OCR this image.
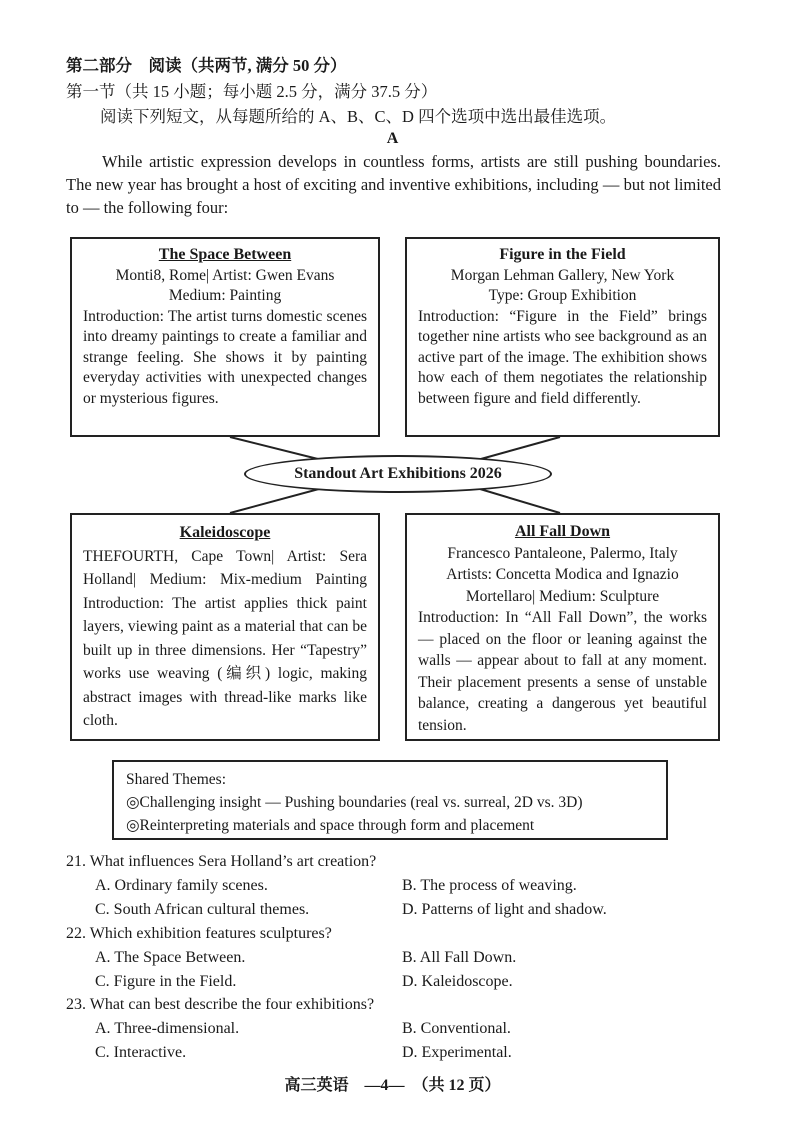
第二部分　阅读（共两节, 满分 50 分）
第一节（共 15 小题；每小题 2.5 分，满分 37.5 分）
阅读下列短文，从每题所给的 A、B、C、D 四个选项中选出最佳选项。
A
While artistic expression develops in countless forms, artists are still pushing boundaries. The new year has brought a host of exciting and inventive exhibitions, including — but not limited to — the following four:
The Space Between
Monti8, Rome| Artist: Gwen Evans
Medium: Painting
Introduction: The artist turns domestic scenes into dreamy paintings to create a familiar and strange feeling. She shows it by painting everyday activities with unexpected changes or mysterious figures.
Figure in the Field
Morgan Lehman Gallery, New York
Type: Group Exhibition
Introduction: “Figure in the Field” brings together nine artists who see background as an active part of the image. The exhibition shows how each of them negotiates the relationship between figure and field differently.
Standout Art Exhibitions 2026
Kaleidoscope
THEFOURTH, Cape Town| Artist: Sera Holland| Medium: Mix-medium Painting Introduction: The artist applies thick paint layers, viewing paint as a material that can be built up in three dimensions. Her “Tapestry” works use weaving (编织) logic, making abstract images with thread-like marks like cloth.
All Fall Down
Francesco Pantaleone, Palermo, Italy
Artists: Concetta Modica and Ignazio
Mortellaro| Medium: Sculpture
Introduction: In “All Fall Down”, the works — placed on the floor or leaning against the walls — appear about to fall at any moment. Their placement presents a sense of unstable balance, creating a dangerous yet beautiful tension.
Shared Themes:
◎Challenging insight — Pushing boundaries (real vs. surreal, 2D vs. 3D)
◎Reinterpreting materials and space through form and placement
21. What influences Sera Holland’s art creation?
A. Ordinary family scenes.	B. The process of weaving.
C. South African cultural themes.	D. Patterns of light and shadow.
22. Which exhibition features sculptures?
A. The Space Between.	B. All Fall Down.
C. Figure in the Field.	D. Kaleidoscope.
23. What can best describe the four exhibitions?
A. Three-dimensional.	B. Conventional.
C. Interactive.	D. Experimental.
高三英语　—4—　（共 12 页）
